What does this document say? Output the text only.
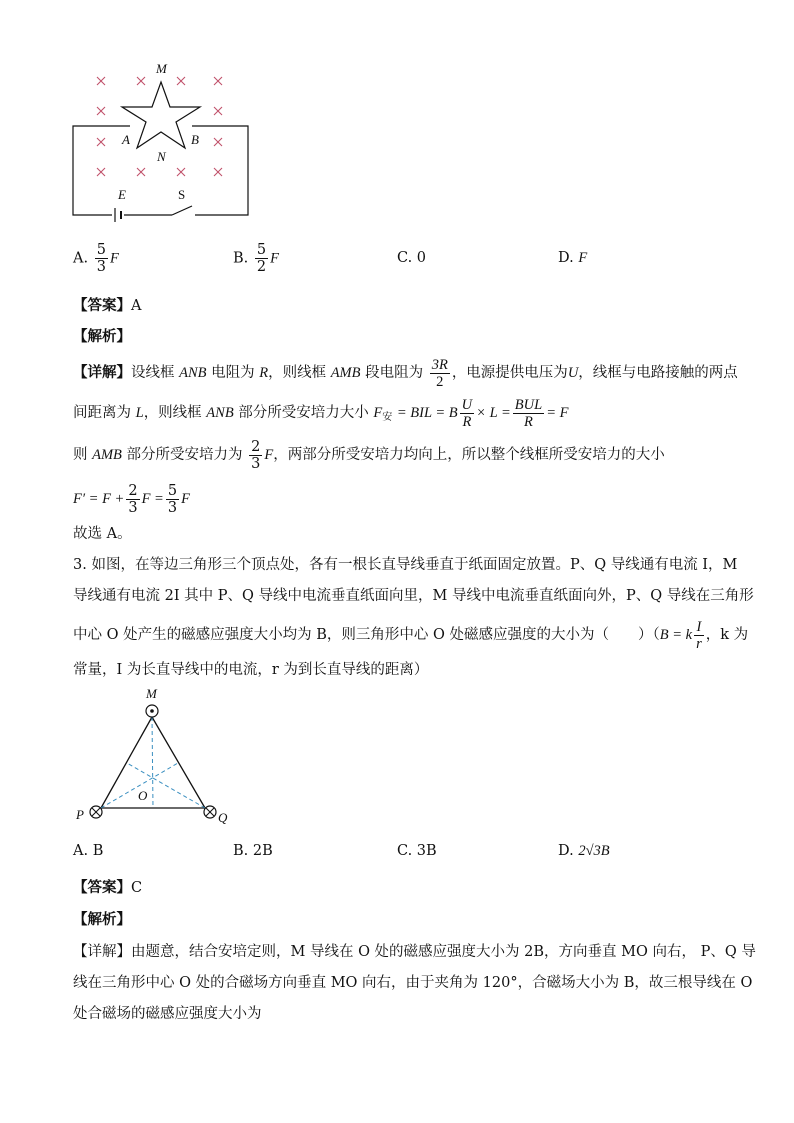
M
A	B
N
E	S
A. $\frac{5}{3}$ F	B. $\frac{5}{2}$ F	C. 0	D. F
【答案】A
【解析】
【详解】设线框 ANB 电阻为 R，则线框 AMB 段电阻为 $\frac{3R}{2}$ ，电源提供电压为U，线框与电路接触的两点
间距离为 L，则线框 ANB 部分所受安培力大小 $F_安$ = BIL = B $\frac{U}{R} \times L = \frac{\text{BUL}}{R} = F$
则 AMB 部分所受安培力为 $\frac{2}{3}$ F，两部分所受安培力均向上，所以整个线框所受安培力的大小
$F' = F + \frac{2}{3}$ $F = \frac{5}{3}$ F
故选 A。
3. 如图，在等边三角形三个顶点处，各有一根长直导线垂直于纸面固定放置。P、Q 导线通有电流 I，M
导线通有电流 2I 其中 P、Q 导线中电流垂直纸面向里，M 导线中电流垂直纸面向外，P、Q 导线在三角形
中心 O 处产生的磁感应强度大小均为 B，则三角形中心 O 处磁感应强度的大小为（　　）（B = k $\frac{I}{r}$ ，k 为
常量，I 为长直导线中的电流，r 为到长直导线的距离）
M
O
P	Q
A. B	B. 2B	C. 3B	D. 2√3B
【答案】C
【解析】
【详解】由题意，结合安培定则，M 导线在 O 处的磁感应强度大小为 2B，方向垂直 MO 向右， P、Q 导
线在三角形中心 O 处的合磁场方向垂直 MO 向右，由于夹角为 120°，合磁场大小为 B，故三根导线在 O
处合磁场的磁感应强度大小为
